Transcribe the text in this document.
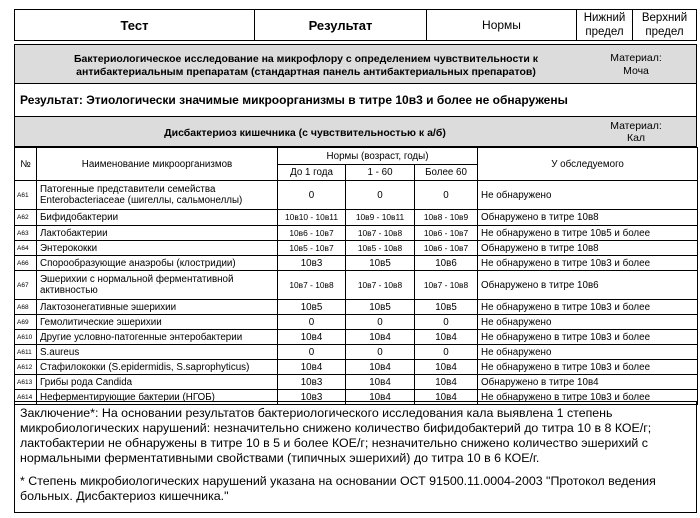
Тест	Результат	Нормы	Нижний
предел

Верхний
предел
Бактериологическое исследование на микрофлору с определением чувствительности к
антибактериальным препаратам (стандартная панель антибактериальных препаратов)
Материал:
Моча
Результат: Этиологически значимые микроорганизмы в титре 10в3 и более не обнаружены
Дисбактериоз кишечника (с чувствительностью к а/б)
Материал:
Кал
№	Наименование микроорганизмов	Нормы (возраст, годы)			У обследуемого
		До 1 года	1 - 60	Более 60	
А61	Патогенные представители семейства
Enterobacteriaceae (шигеллы, сальмонеллы)	0	0	0	Не обнаружено
А62	Бифидобактерии	10в10 - 10в11	10в9 - 10в11	10в8 - 10в9	Обнаружено в титре 10в8
А63	Лактобактерии	10в6 - 10в7	10в7 - 10в8	10в6 - 10в7	Не обнаружено в титре 10в5 и более
А64	Энтерококки	10в5 - 10в7	10в5 - 10в8	10в6 - 10в7	Обнаружено в титре 10в8
А66	Спорообразующие анаэробы (клостридии)	10в3	10в5	10в6	Не обнаружено в титре 10в3 и более
А67	Эшерихии с нормальной ферментативной
активностью	10в7 - 10в8	10в7 - 10в8	10в7 - 10в8	Обнаружено в титре 10в6
А68	Лактозонегативные эшерихии	10в5	10в5	10в5	Не обнаружено в титре 10в3 и более
А69	Гемолитические эшерихии	0	0	0	Не обнаружено
А610	Другие условно-патогенные энтеробактерии	10в4	10в4	10в4	Не обнаружено в титре 10в3 и более
А611	S.aureus	0	0	0	Не обнаружено
А612	Стафилококки (S.epidermidis, S.saprophyticus)	10в4	10в4	10в4	Не обнаружено в титре 10в3 и более
А613	Грибы рода Candida	10в3	10в4	10в4	Обнаружено в титре 10в4
А614	Неферментирующие бактерии (НГОБ)	10в3	10в4	10в4	Не обнаружено в титре 10в3 и более
Заключение*: На основании результатов бактериологического исследования кала выявлена 1 степень
микробиологических нарушений: незначительно снижено количество бифидобактерий до титра 10 в 8 КОЕ/г;
лактобактерии не обнаружены в титре 10 в 5 и более КОЕ/г; незначительно снижено количество эшерихий с
нормальными ферментативными свойствами (типичных эшерихий) до титра 10 в 6 КОЕ/г.
* Степень микробиологических нарушений указана на основании ОСТ 91500.11.0004-2003 "Протокол ведения
больных. Дисбактериоз кишечника."
